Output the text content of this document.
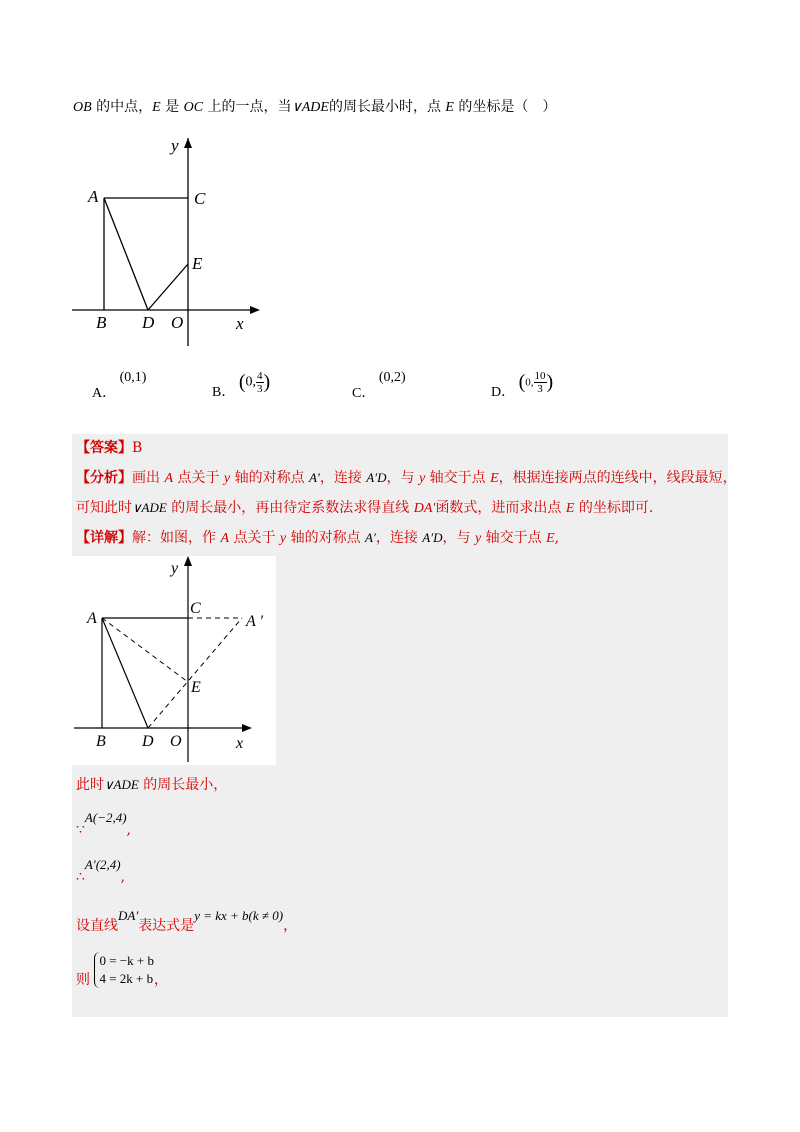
OB 的中点，E 是 OC 上的一点，当∨ADE的周长最小时，点 E 的坐标是（　）
y
A	C
E
B D O	x
A． (0,1)
B． (0, $\frac{4}{3}$ )
C． (0,2)
D． (0, $\frac{10}{3}$ )
【答案】B
【分析】画出 A 点关于 y 轴的对称点 A′，连接 A′D，与 y 轴交于点 E，根据连接两点的连线中，线段最短，
可知此时∨ADE 的周长最小，再由待定系数法求得直线 DA′函数式，进而求出点 E 的坐标即可.
【详解】解：如图，作 A 点关于 y 轴的对称点 A′，连接 A′D，与 y 轴交于点 E,
y
A
C
A ′
E
B D O	x
此时∨ADE 的周长最小，
∵A(−2,4),
∴A′(2,4),
设直线DA′表达式是y = kx + b(k ≠ 0)，
则
0 = −k + b
4 = 2k + b ，
